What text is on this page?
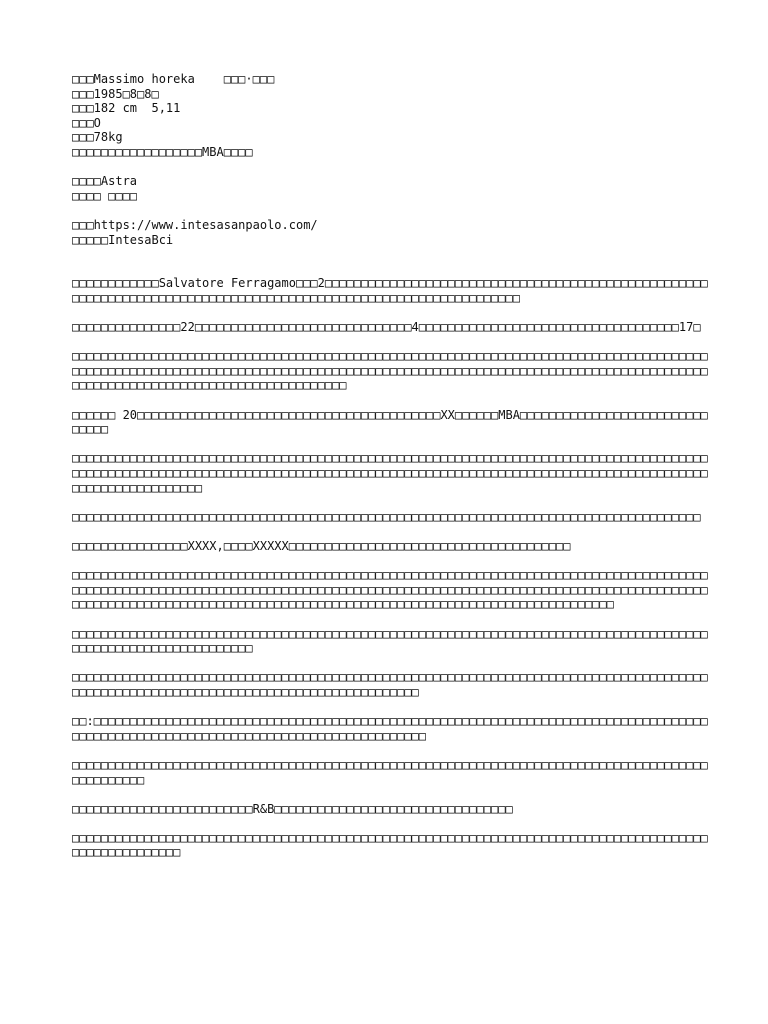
□□□Massimo horeka    □□□·□□□

□□□1985□8□8□

□□□182 cm  5,11

□□□O

□□□78kg

□□□□□□□□□□□□□□□□□□MBA□□□□

□□□□Astra

□□□□ □□□□

□□□https://www.intesasanpaolo.com/

□□□□□IntesaBci

□□□□□□□□□□□□Salvatore Ferragamo□□□2□□□□□□□□□□□□□□□□□□□□□□□□□□□□□□□□□□□□□□□□□□□□□□□□□□□□□□□□□□□□□□□□□□□□□□□□□□□□□□□□□□□□□□□□□□□□□□□□□□□□□□□□□□□□□□□□□□□

□□□□□□□□□□□□□□□22□□□□□□□□□□□□□□□□□□□□□□□□□□□□□□4□□□□□□□□□□□□□□□□□□□□□□□□□□□□□□□□□□□□17□

□□□□□□□□□□□□□□□□□□□□□□□□□□□□□□□□□□□□□□□□□□□□□□□□□□□□□□□□□□□□□□□□□□□□□□□□□□□□□□□□□□□□□□□□□□□□□□□□□□□□□□□□□□□□□□□□□□□□□□□□□□□□□□□□□□□□□□□□□□□□□□□□□□□□□□□□□□□□□□□□□□□□□□□□□□□□□□□□□□□□□□□□□□□□□□□□□□□□□□□□□□□□□□□□□□□□□□

□□□□□□ 20□□□□□□□□□□□□□□□□□□□□□□□□□□□□□□□□□□□□□□□□□□XX□□□□□□MBA□□□□□□□□□□□□□□□□□□□□□□□□□□□□□□□

□□□□□□□□□□□□□□□□□□□□□□□□□□□□□□□□□□□□□□□□□□□□□□□□□□□□□□□□□□□□□□□□□□□□□□□□□□□□□□□□□□□□□□□□□□□□□□□□□□□□□□□□□□□□□□□□□□□□□□□□□□□□□□□□□□□□□□□□□□□□□□□□□□□□□□□□□□□□□□□□□□□□□□□□□□□□□□□□□□□□□□□□□□□□□□□□□□

□□□□□□□□□□□□□□□□□□□□□□□□□□□□□□□□□□□□□□□□□□□□□□□□□□□□□□□□□□□□□□□□□□□□□□□□□□□□□□□□□□□□□□□

□□□□□□□□□□□□□□□□XXXX,□□□□XXXXX□□□□□□□□□□□□□□□□□□□□□□□□□□□□□□□□□□□□□□□

□□□□□□□□□□□□□□□□□□□□□□□□□□□□□□□□□□□□□□□□□□□□□□□□□□□□□□□□□□□□□□□□□□□□□□□□□□□□□□□□□□□□□□□□□□□□□□□□□□□□□□□□□□□□□□□□□□□□□□□□□□□□□□□□□□□□□□□□□□□□□□□□□□□□□□□□□□□□□□□□□□□□□□□□□□□□□□□□□□□□□□□□□□□□□□□□□□□□□□□□□□□□□□□□□□□□□□□□□□□□□□□□□□□□□□□□□□□□□□□□□□□□□□□□□□□

□□□□□□□□□□□□□□□□□□□□□□□□□□□□□□□□□□□□□□□□□□□□□□□□□□□□□□□□□□□□□□□□□□□□□□□□□□□□□□□□□□□□□□□□□□□□□□□□□□□□□□□□□□□□□□□□□

□□□□□□□□□□□□□□□□□□□□□□□□□□□□□□□□□□□□□□□□□□□□□□□□□□□□□□□□□□□□□□□□□□□□□□□□□□□□□□□□□□□□□□□□□□□□□□□□□□□□□□□□□□□□□□□□□□□□□□□□□□□□□□□□□□□□□□□□

□□:□□□□□□□□□□□□□□□□□□□□□□□□□□□□□□□□□□□□□□□□□□□□□□□□□□□□□□□□□□□□□□□□□□□□□□□□□□□□□□□□□□□□□□□□□□□□□□□□□□□□□□□□□□□□□□□□□□□□□□□□□□□□□□□□□□□□□□

□□□□□□□□□□□□□□□□□□□□□□□□□□□□□□□□□□□□□□□□□□□□□□□□□□□□□□□□□□□□□□□□□□□□□□□□□□□□□□□□□□□□□□□□□□□□□□□□□□

□□□□□□□□□□□□□□□□□□□□□□□□□R&B□□□□□□□□□□□□□□□□□□□□□□□□□□□□□□□□□

□□□□□□□□□□□□□□□□□□□□□□□□□□□□□□□□□□□□□□□□□□□□□□□□□□□□□□□□□□□□□□□□□□□□□□□□□□□□□□□□□□□□□□□□□□□□□□□□□□□□□□□
